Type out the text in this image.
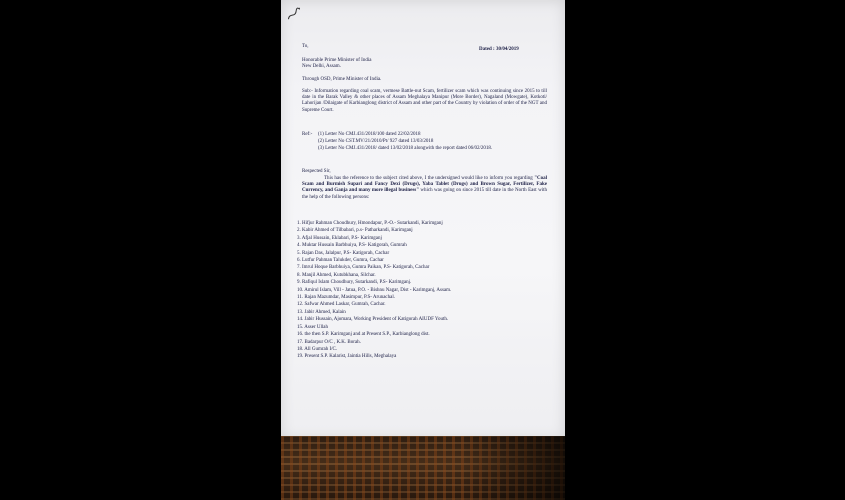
To,
Dated : 30/04/2019
Honorable Prime Minister of India
New Delhi, Assam.
Through OSD, Prime Minister of India.
Sub:- Information regarding coal scam, vermese Battle-nut Scam, fertilizer scam which was continuing since 2015 to till date in the Barak Valley & other places of Assam Meghalaya Manipur (More Border), Nagaland (Mowgate), Kotkoti/ Lahorijan /Dilaigate of Karbianglong district of Assam and other part of the Country by violation of order of the NGT and Supreme Court.
Ref:- (1) Letter No CMJ.431/2018/100 dated 22/02/2018
(2) Letter No CST.MV/21/2010/Pt/ 927 dated 13/03/2018
(3) Letter No CMJ.431/2018/ dated 13/02/2018 alongwith the report dated 06/02/2018.
Respected Sir,
This has the reference to the subject cited above, I the undersigned would like to inform you regarding "Coal Scam and Burmish Supari and Fancy Dexi (Drugs), Yaba Tablet (Drugs) and Brown Sugar, Fertilizer, Fake Currency, and Ganja and many more illegal business" which was going on since 2015 till date in the North East with the help of the following persons:
1. Hifjur Rahman Choudhury, Hmondapur, P.-O.- Sutarkandi, Karimganj
2. Kabir Ahmed of Tilbabari, p.s- Patharkandi, Karimganj
3. Afjal Hussain, Eklabari, P.S- Karimganj
4. Muktar Hussain Barbhuiya, P.S- Katigorah, Gumrah
5. Rajan Das, Jalalpur, P.S- Katigorah, Cachar
6. Lutfur Pahman Talukder, Gumra, Cachar
7. Imrul Hoque Barbhuiya, Gumra Paikan, P.S- Katigorah, Cachar
8. Manjil Ahmed, Kutubkhana, Silchar.
9. Rafiqul Islam Choudhury, Sutarkandi, P.S- Karimganj.
10. Amirul Islam, Vill - Jatua, P.O. - Bishnu Nagar, Dist - Karimganj, Assam.
11. Rajan Mazumdar, Masimpur, P.S- Arunachal.
12. Safwar Ahmed Laskar, Gumrah, Cachar.
13. Jabir Ahmed, Kalain
14. Jabir Hussain, Ajomara, Working President of Katigorah AIUDF Youth.
15. Asser Ullah
16. the then S.P. Karimganj and at Present S.P., Karbianglong dist.
17. Badarpur O/C , K.K. Borah.
18. All Gumrah I/C.
19. Present S.P. Kalarist, Jaintia Hills, Meghalaya
